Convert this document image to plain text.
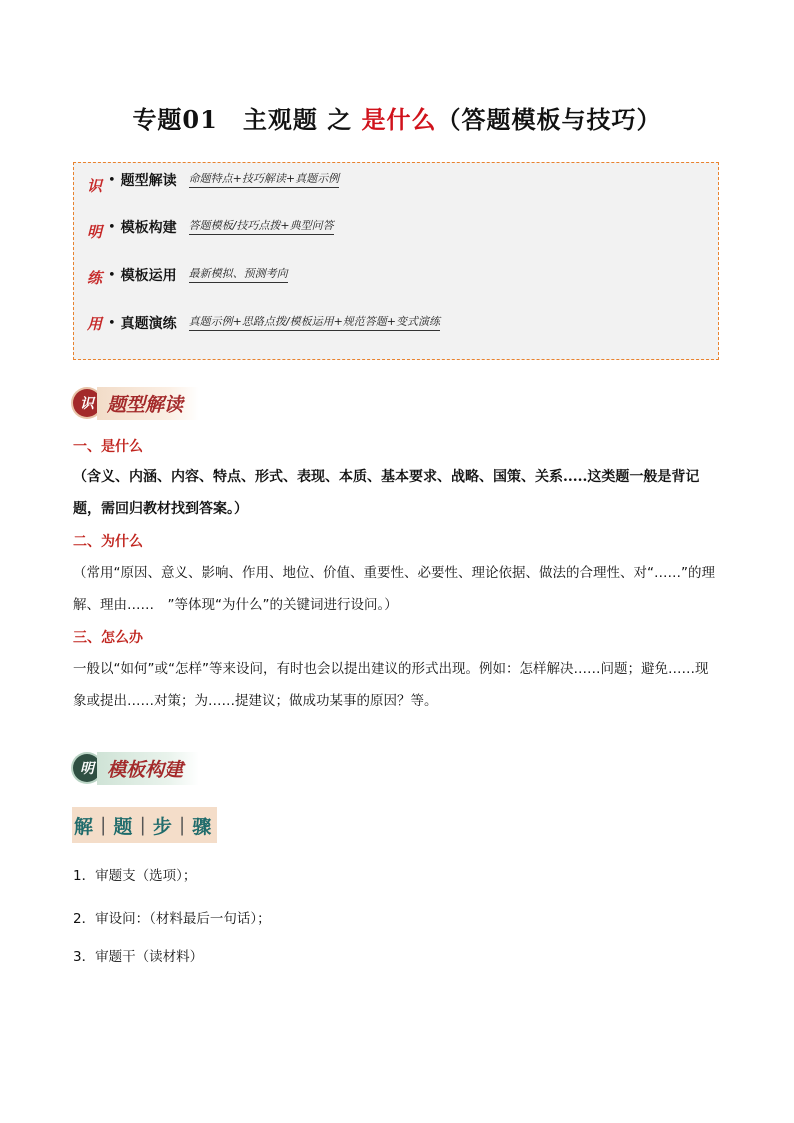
专题01　主观题 之 是什么（答题模板与技巧）
识
明
练
用
• 题型解读 命题特点+技巧解读+真题示例
• 模板构建 答题模板/技巧点拨+典型问答
• 模板运用 最新模拟、预测考向
• 真题演练 真题示例+思路点拨/模板运用+规范答题+变式演练
识 题型解读
一、是什么
（含义、内涵、内容、特点、形式、表现、本质、基本要求、战略、国策、关系.....这类题一般是背记题，需回归教材找到答案。）
二、为什么
（常用“原因、意义、影响、作用、地位、价值、重要性、必要性、理论依据、做法的合理性、对“……”的理解、理由……　”等体现“为什么”的关键词进行设问。）
三、怎么办
一般以“如何”或“怎样”等来设问，有时也会以提出建议的形式出现。例如：怎样解决……问题；避免……现象或提出……对策；为……提建议；做成功某事的原因？等。
明 模板构建
解 | 题 | 步 | 骤
1．审题支（选项）；
2．审设问：（材料最后一句话）；
3．审题干（读材料）
